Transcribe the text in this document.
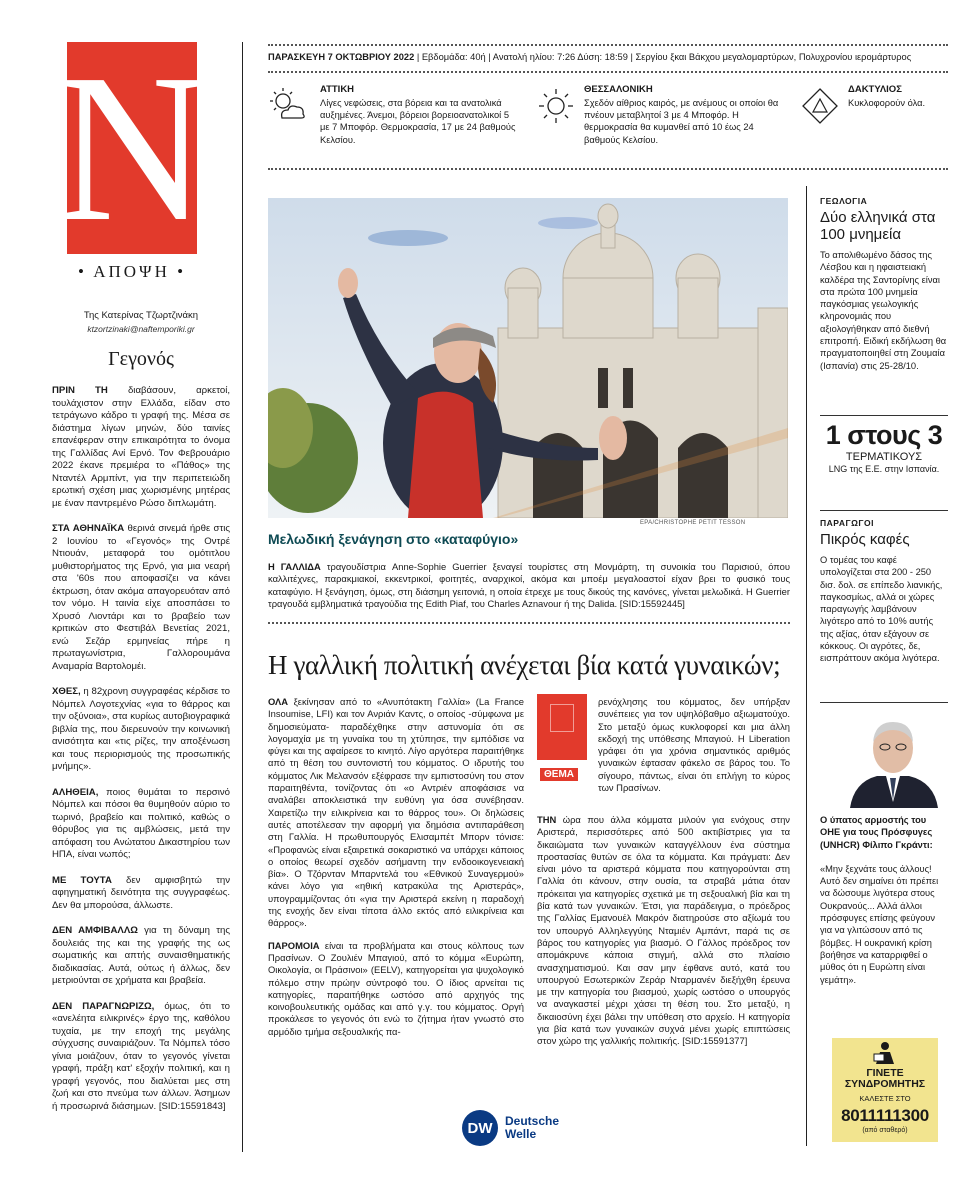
N
• ΑΠΟΨΗ •
Της Κατερίνας Τζωρτζινάκη
ktzortzinaki@naftemporiki.gr
Γεγονός

ΠΡΙΝ ΤΗ διαβάσουν, αρκετοί, τουλάχιστον στην Ελλάδα, είδαν στο τετράγωνο κάδρο τι γραφή της. Μέσα σε διάστημα λίγων μηνών, δύο ταινίες επανέφεραν στην επικαιρότητα το όνομα της Γαλλίδας Ανί Ερνό. Τον Φεβρουάριο 2022 έκανε πρεμιέρα το «Πάθος» της Νταντέλ Αρμπίντ, για την περιπετειώδη ερωτική σχέση μιας χωρισμένης μητέρας με έναν παντρεμένο Ρώσο διπλωμάτη.

ΣΤΑ ΑΘΗΝΑΪΚΑ θερινά σινεμά ήρθε στις 2 Ιουνίου το «Γεγονός» της Οντρέ Ντιουάν, μεταφορά του ομότιτλου μυθιστορήματος της Ερνό, για μια νεαρή στα '60s που αποφασίζει να κάνει έκτρωση, όταν ακόμα απαγορευόταν από τον νόμο. Η ταινία είχε αποσπάσει το Χρυσό Λιοντάρι και το βραβείο των κριτικών στο Φεστιβάλ Βενετίας 2021, ενώ Σεζάρ ερμηνείας πήρε η πρωταγωνίστρια, Γαλλορουμάνα Αναμαρία Βαρτολομέι.

ΧΘΕΣ, η 82χρονη συγγραφέας κέρδισε το Νόμπελ Λογοτεχνίας «για το θάρρος και την οξύνοια», στα κυρίως αυτοβιογραφικά βιβλία της, που διερευνούν την κοινωνική ανισότητα και «τις ρίζες, την αποξένωση και τους περιορισμούς της προσωπικής μνήμης».

ΑΛΗΘΕΙΑ, ποιος θυμάται το περσινό Νόμπελ και πόσοι θα θυμηθούν αύριο το τωρινό, βραβείο και πολιτικό, καθώς ο θόρυβος για τις αμβλώσεις, μετά την απόφαση του Ανώτατου Δικαστηρίου των ΗΠΑ, είναι νωπός;

ΜΕ ΤΟΥΤΑ δεν αμφισβητώ την αφηγηματική δεινότητα της συγγραφέως. Δεν θα μπορούσα, άλλωστε.

ΔΕΝ ΑΜΦΙΒΑΛΛΩ για τη δύναμη της δουλειάς της και της γραφής της ως σωματικής και απτής συναισθηματικής διαδικασίας. Αυτά, ούτως ή άλλως, δεν μετριούνται σε χρήματα και βραβεία.

ΔΕΝ ΠΑΡΑΓΝΩΡΙΖΩ, όμως, ότι το «ανελέητα ειλικρινές» έργο της, καθόλου τυχαία, με την εποχή της μεγάλης σύγχυσης συναιριάζουν. Τα Νόμπελ τόσο γίνια μοιάζουν, όταν το γεγονός γίνεται γραφή, πράξη κατ' εξοχήν πολιτική, και η γραφή γεγονός, που διαλύεται μες στη ζωή και στο πνεύμα των άλλων. Άσημων ή προσωρινά διάσημων. [SID:15591843]

ΠΑΡΑΣΚΕΥΗ 7 ΟΚΤΩΒΡΙΟΥ 2022 | Εβδομάδα: 40ή | Ανατολή ηλίου: 7:26 Δύση: 18:59 | Σεργίου ξκαι Βάκχου μεγαλομαρτύρων, Πολυχρονίου ιερομάρτυρος
ΑΤΤΙΚΗ
Λίγες νεφώσεις, στα βόρεια και τα ανατολικά αυξημένες. Άνεμοι, βόρειοι βορειοανατολικοί 5 με 7 Μποφόρ. Θερμοκρασία, 17 με 24 βαθμούς Κελσίου.
ΘΕΣΣΑΛΟΝΙΚΗ
Σχεδόν αίθριος καιρός, με ανέμους οι οποίοι θα πνέουν μεταβλητοί 3 με 4 Μποφόρ. Η θερμοκρασία θα κυμανθεί από 10 έως 24 βαθμούς Κελσίου.
ΔΑΚΤΥΛΙΟΣ
Κυκλοφορούν όλα.
EPA/CHRISTOPHE PETIT TESSON
Μελωδική ξενάγηση στο «καταφύγιο»
Η ΓΑΛΛΙΔΑ τραγουδίστρια Anne-Sophie Guerrier ξεναγεί τουρίστες στη Μονμάρτη, τη συνοικία του Παρισιού, όπου καλλιτέχνες, παρακμιακοί, εκκεντρικοί, φοιτητές, αναρχικοί, ακόμα και μποέμ μεγαλοαστοί είχαν βρει το φυσικό τους καταφύγιο. Η ξενάγηση, όμως, στη διάσημη γειτονιά, η οποία έτρεχε με τους δικούς της κανόνες, γίνεται μελωδικά. Η Guerrier τραγουδά εμβληματικά τραγούδια της Edith Piaf, του Charles Aznavour ή της Dalida. [SID:15592445]
Η γαλλική πολιτική ανέχεται βία κατά γυναικών;

ΟΛΑ ξεκίνησαν από το «Ανυπότακτη Γαλλία» (La France Insoumise, LFI) και τον Ανριάν Καντς, ο οποίος -σύμφωνα με δημοσιεύματα- παραδέχθηκε στην αστυνομία ότι σε λογομαχία με τη γυναίκα του τη χτύπησε, την εμπόδισε να φύγει και της αφαίρεσε το κινητό. Λίγο αργότερα παραιτήθηκε από τη θέση του συντονιστή του κόμματος. Ο ιδρυτής του κόμματος Λικ Μελανσόν εξέφρασε την εμπιστοσύνη του στον παραιτηθέντα, τονίζοντας ότι «ο Αντριέν αποφάσισε να αναλάβει αποκλειστικά την ευθύνη για όσα συνέβησαν. Χαιρετίζω την ειλικρίνεια και το θάρρος του». Οι δηλώσεις αυτές αποτέλεσαν την αφορμή για δημόσια αντιπαράθεση στη Γαλλία. Η πρωθυπουργός Ελισαμπέτ Μπορν τόνισε: «Προφανώς είναι εξαιρετικά σοκαριστικό να υπάρχει κάποιος ο οποίος θεωρεί σχεδόν ασήμαντη την ενδοοικογενειακή βία». Ο Τζόρνταν Μπαρντελά του «Εθνικού Συναγερμού» κάνει λόγο για «ηθική κατρακύλα της Αριστεράς», υπογραμμίζοντας ότι «για την Αριστερά εκείνη η παραδοχή της ενοχής δεν είναι τίποτα άλλο εκτός από ειλικρίνεια και θάρρος».

ΠΑΡΟΜΟΙΑ είναι τα προβλήματα και στους κόλπους των Πρασίνων. Ο Ζουλιέν Μπαγιού, από το κόμμα «Ευρώπη, Οικολογία, οι Πράσινοι» (EELV), κατηγορείται για ψυχολογικό πόλεμο στην πρώην σύντροφό του. Ο ίδιος αρνείται τις κατηγορίες, παραιτήθηκε ωστόσο από αρχηγός της κοινοβουλευτικής ομάδας και από γ.γ. του κόμματος. Οργή προκάλεσε το γεγονός ότι ενώ το ζήτημα ήταν γνωστό στο αρμόδιο τμήμα σεξουαλικής πα-

ΘΕΜΑ

ρενόχλησης του κόμματος, δεν υπήρξαν συνέπειες για τον υψηλόβαθμο αξιωματούχο. Στο μεταξύ όμως κυκλοφορεί και μια άλλη εκδοχή της υπόθεσης Μπαγιού. Η Liberation γράφει ότι για χρόνια σημαντικός αριθμός γυναικών έφτασαν φάκελο σε βάρος του. Το σίγουρο, πάντως, είναι ότι επλήγη το κύρος των Πρασίνων.

ΤΗΝ ώρα που άλλα κόμματα μιλούν για ενόχους στην Αριστερά, περισσότερες από 500 ακτιβίστριες για τα δικαιώματα των γυναικών καταγγέλλουν ένα σύστημα προστασίας θυτών σε όλα τα κόμματα. Και πράγματι: Δεν είναι μόνο τα αριστερά κόμματα που κατηγορούνται στη Γαλλία ότι κάνουν, στην ουσία, τα στραβά μάτια όταν πρόκειται για κατηγορίες σχετικά με τη σεξουαλική βία και τη βία κατά των γυναικών. Έτσι, για παράδειγμα, ο πρόεδρος της Γαλλίας Εμανουέλ Μακρόν διατηρούσε στο αξίωμά του τον υπουργό Αλληλεγγύης Νταμιέν Αμπάντ, παρά τις σε βάρος του κατηγορίες για βιασμό. Ο Γάλλος πρόεδρος τον απομάκρυνε κάποια στιγμή, αλλά στο πλαίσιο ανασχηματισμού. Και σαν μην έφθανε αυτό, κατά του υπουργού Εσωτερικών Ζεράρ Νταρμανέν διεξήχθη έρευνα με την κατηγορία του βιασμού, χωρίς ωστόσο ο υπουργός να αναγκαστεί μέχρι χάσει τη θέση του. Στο μεταξύ, η δικαιοσύνη έχει βάλει την υπόθεση στο αρχείο. Η κατηγορία για βία κατά των γυναικών συχνά μένει χωρίς επιπτώσεις στον χώρο της γαλλικής πολιτικής. [SID:15591377]

DW	Deutsche
Welle
ΓΕΩΛΟΓΙΑ
Δύο ελληνικά στα 100 μνημεία
Το απολιθωμένο δάσος της Λέσβου και η ηφαιστειακή καλδέρα της Σαντορίνης είναι στα πρώτα 100 μνημεία παγκόσμιας γεωλογικής κληρονομιάς που αξιολογήθηκαν από διεθνή επιτροπή. Ειδική εκδήλωση θα πραγματοποιηθεί στη Ζουμαία (Ισπανία) στις 25-28/10.
1 στους 3
ΤΕΡΜΑΤΙΚΟΥΣ
LNG της Ε.Ε. στην Ισπανία.
ΠΑΡΑΓΩΓΟΙ
Πικρός καφές
Ο τομέας του καφέ υπολογίζεται στα 200 - 250 δισ. δολ. σε επίπεδο λιανικής, παγκοσμίως, αλλά οι χώρες παραγωγής λαμβάνουν λιγότερο από το 10% αυτής της αξίας, όταν εξάγουν σε κόκκους. Οι αγρότες, δε, εισπράττουν ακόμα λιγότερα.
Ο ύπατος αρμοστής του ΟΗΕ για τους Πρόσφυγες (UNHCR) Φίλιπο Γκράντι:
«Μην ξεχνάτε τους άλλους! Αυτό δεν σημαίνει ότι πρέπει να δώσουμε λιγότερα στους Ουκρανούς... Αλλά άλλοι πρόσφυγες επίσης φεύγουν για να γλιτώσουν από τις βόμβες. Η ουκρανική κρίση βοήθησε να καταρριφθεί ο μύθος ότι η Ευρώπη είναι γεμάτη».
ΓΙΝΕΤΕ ΣΥΝΔΡΟΜΗΤΗΣ
ΚΑΛΕΣΤΕ ΣΤΟ
8011111300
(από σταθερό)
